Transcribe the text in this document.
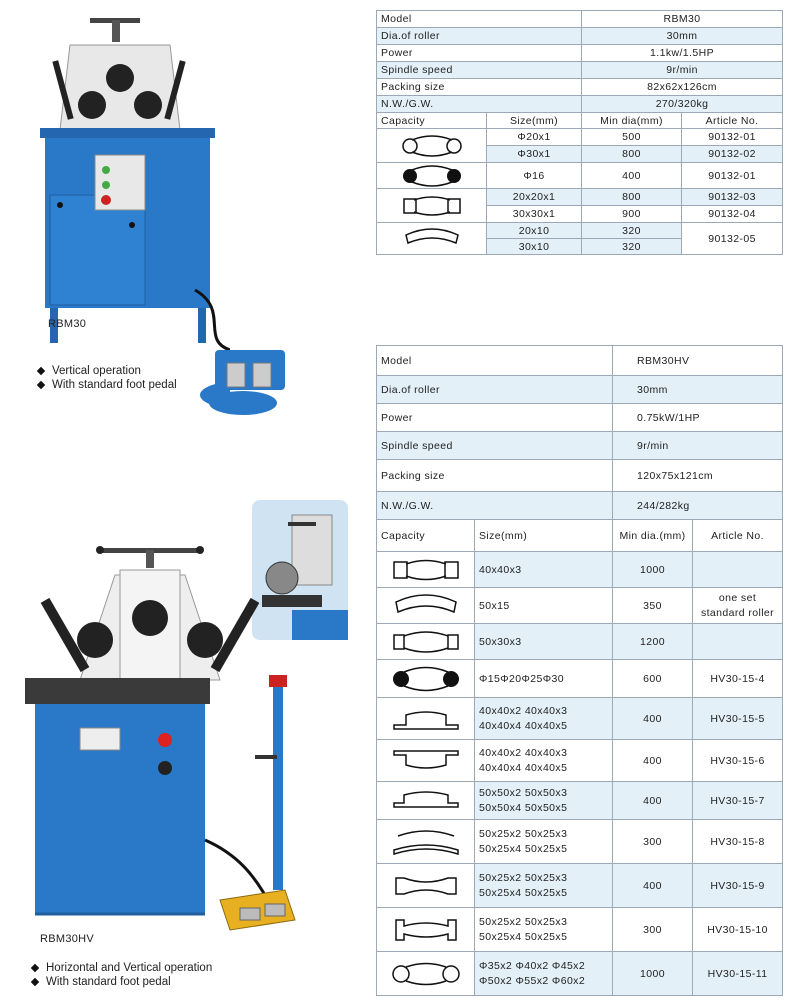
RBM30
Vertical operation
With standard foot pedal
Model		RBM30	
Dia.of roller		30mm	
Power		1.1kw/1.5HP	
Spindle speed		9r/min	
Packing size		82x62x126cm	
N.W./G.W.		270/320kg	
Capacity	Size(mm)	Min dia(mm)	Article No.

	Φ20x1	500	90132-01
	Φ30x1	800	90132-02

	Φ16	400	90132-01

	20x20x1	800	90132-03
	30x30x1	900	90132-04

	20x10	320	90132-05
	30x10	320	
RBM30HV
Horizontal and Vertical operation
With standard foot pedal
Model		RBM30HV	
Dia.of roller		30mm	
Power		0.75kW/1HP	
Spindle speed		9r/min	
Packing size		120x75x121cm	
N.W./G.W.		244/282kg	
Capacity	Size(mm)	Min dia.(mm)	Article No.

	40x40x3	1000	

	50x15	350	one set
standard roller

	50x30x3	1200	

	Φ15Φ20Φ25Φ30	600	HV30-15-4

40x40x2 40x40x3
40x40x4 40x40x5	400	HV30-15-5

40x40x2 40x40x3
40x40x4 40x40x5	400	HV30-15-6

50x50x2 50x50x3
50x50x4 50x50x5	400	HV30-15-7

50x25x2 50x25x3
50x25x4 50x25x5	300	HV30-15-8

50x25x2 50x25x3
50x25x4 50x25x5	400	HV30-15-9

50x25x2 50x25x3
50x25x4 50x25x5	300	HV30-15-10

Φ35x2 Φ40x2 Φ45x2
Φ50x2 Φ55x2 Φ60x2	1000	HV30-15-11
